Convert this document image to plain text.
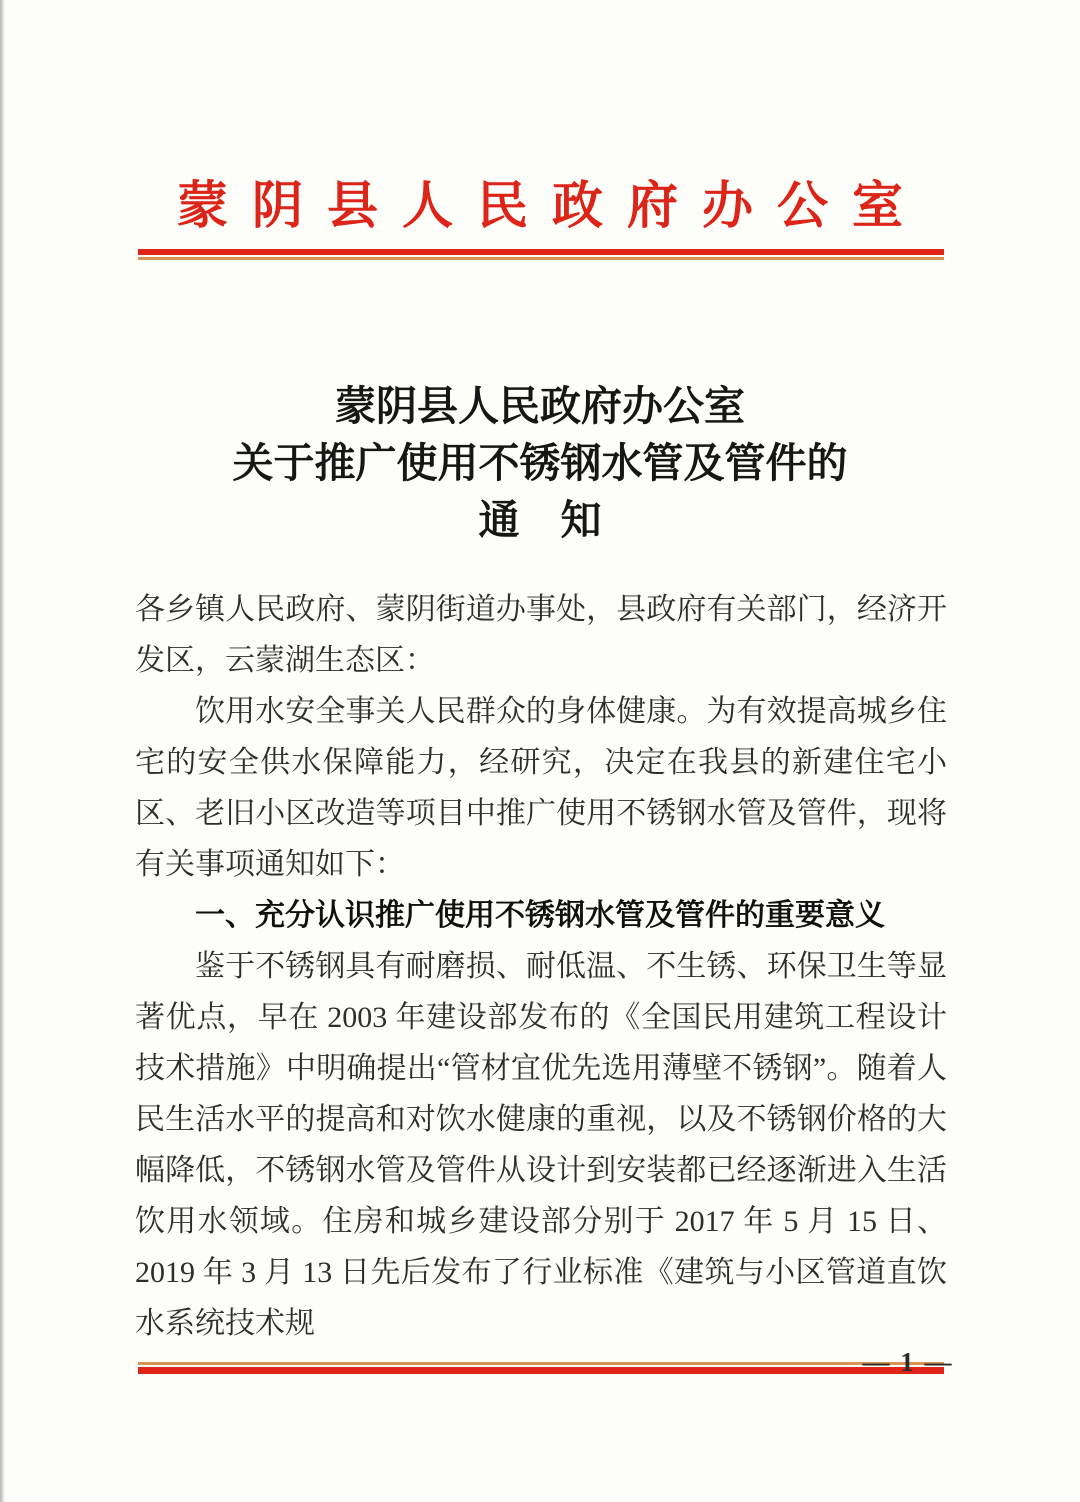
蒙阴县人民政府办公室
蒙阴县人民政府办公室
关于推广使用不锈钢水管及管件的
通　知

各乡镇人民政府、蒙阴街道办事处，县政府有关部门，经济开发区，云蒙湖生态区：

饮用水安全事关人民群众的身体健康。为有效提高城乡住宅的安全供水保障能力，经研究，决定在我县的新建住宅小区、老旧小区改造等项目中推广使用不锈钢水管及管件，现将有关事项通知如下：

一、充分认识推广使用不锈钢水管及管件的重要意义

鉴于不锈钢具有耐磨损、耐低温、不生锈、环保卫生等显著优点，早在 2003 年建设部发布的《全国民用建筑工程设计技术措施》中明确提出“管材宜优先选用薄壁不锈钢”。随着人民生活水平的提高和对饮水健康的重视，以及不锈钢价格的大幅降低，不锈钢水管及管件从设计到安装都已经逐渐进入生活饮用水领域。住房和城乡建设部分别于 2017 年 5 月 15 日、2019 年 3 月 13 日先后发布了行业标准《建筑与小区管道直饮水系统技术规

— 1 —
